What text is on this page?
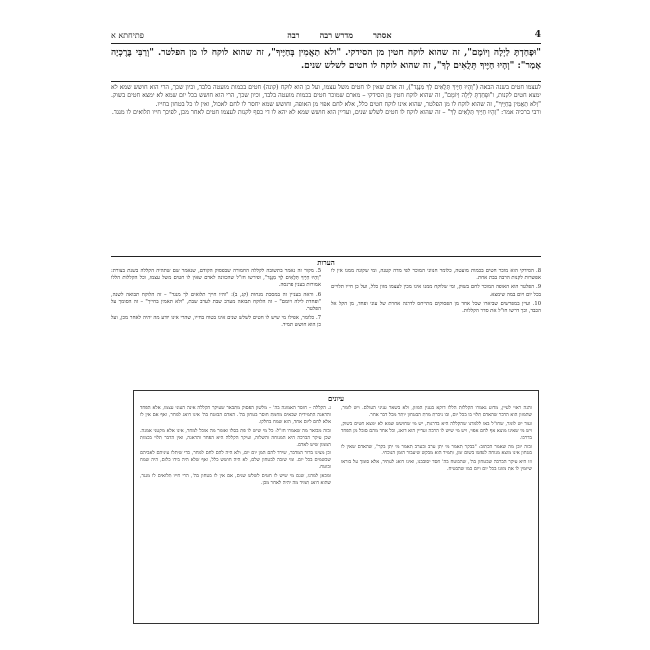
4
אסתר
מדרש רבה
רבה
פתיחתא א
"וּפָחַדְתָּ לַיְלָה וְיוֹמָם", זה שהוא לוקח חטין מן הסידקי. "ולא תַאֲמִין בְּחַיֶּיךָ", זה שהוא לוקח לו מן הפלטר. "וְרַבִּי בֶּרֶכְיָה אָמַר": "וְהָיוּ חַיֶּיךָ תְּלֻאִים לְךָ", זה שהוא לוקח לו חטים לשלש שנים.

לעצמו חטים בשנה הבאה ("וְהָיוּ חַיֶּיךָ תְּלֻאִים לְךָ מִנֶּגֶד"), זה אדם שאין לו חטים משל עצמו, ועל כן הוא לוקח (קונה) חטים בכמות מועטה בלבד, וכיון שכך, הרי הוא חושש שמא לא ימצא חטים לקנות, ו"וּפָחַדְתָּ לַיְלָה וְיוֹמָם", זה שהוא לוקח חטין מן הסידקי – מארם שמוכר חטים בכמות מועטה בלבד, וכיון שכך, הרי הוא חושש בכל יום שמא לא ימצא חטים בשוק. "וְלֹא תַאֲמִין בְּחַיֶּיךָ", זה שהוא לוקח לו מן הפלטר, שהוא אינו לוקח חטים כלל, אלא לחם אפוי מן האופה, וחושש שמא יחסר לו לחם לאכול, ואין לו כל בטחון בחייו.

ורבי ברכיה אמר: "וְהָיוּ חַיֶּיךָ תְּלֻאִים לְךָ" – זה שהוא לוקח לו חטים לשלש שנים, ועדיין הוא חושש שמא לא יהא לו די כסף לקנות לעצמו חטים לאחר מכן, לפיכך חייו תלואים לו מנגד.

הערות

5. מקור זה נאמר בתשובה לקללה החמורה שבפסוק הקודם, שנאמר שם שתהיה הקללה בשנת בצורת: "וְהָיוּ חַיֶּיךָ תְּלֻאִים לְךָ מִנֶּגֶד", ופירשו חז"ל שהכוונה לאדם שאין לו חטים משל עצמו, וכל הקללות הללו אמורות בענין פרנסה.

6. וראה בעניין זה במסכת מנחות (קג, ב): "והיו חייך תלואים לך מנגד" – זה הלוקח תבואה לשנה, "ופחדת לילה ויומם" – זה הלוקח תבואה מערב שבת לערב שבת, "ולא תאמין בחייך" – זה הסומך על הפלטר.

7. כלומר, אפילו מי שיש לו חטים לשלש שנים אינו בטוח בחייו, שהרי אינו יודע מה יהיה לאחר מכן, ועל כן הוא חושש תמיד.

8. הסידקי הוא מוכר חטים בכמות מועטה, כלומר חנווני המוכר לפי מדה קטנה, ומי שקונה ממנו אין לו אפשרות לקנות הרבה בבת אחת.

9. הפלטר הוא האופה המוכר לחם בשוק, ומי שלוקח ממנו אינו מכין לעצמו מזון כלל, ועל כן חייו תלויים בכל יום ויום במה שימצא.

10. ועיין במפרשים שביארו שכל אחד מן הפסוקים מתייחס לדרגה אחרת של עוני ופחד, מן הקל אל הכבד, וכך דרשו חז"ל את סדר הקללות.

עיונים

ג. הקללה – חוסר האמונה בה' – מלשון הפסוק מתבאר שעיקר הקללה אינה העוני עצמו, אלא הפחד והדאגה התמידית שבאים מחמת חוסר בטחון בה'. האדם הבוטח בה' אינו דואג למחר, ואף אם אין לו אלא לחם ליום אחד, הוא שמח בחלקו.

ובזה מבואר מה שאמרו חז"ל: כל מי שיש לו פת בסלו ואומר מה אוכל למחר, אינו אלא מקטני אמנה. שכן עיקר הברכה היא המנוחה והשלוה, ועיקר הקללה היא הפחד והדאגה, ואין הדבר תלוי בכמות הממון שיש לאדם.

וכן מצינו בדור המדבר, שירד להם המן יום יום, ולא היה להם לחם למחר, כדי שיתלו עיניהם לאביהם שבשמים בכל יום. ומי שזכה לבטחון שלם, לא היה חושש כלל, ואף שלא היה בידו כלום, היה שמח ובוטח.

ומכאן למדנו, שגם מי שיש לו חטים לשלש שנים, אם אין לו בטחון בה', הרי חייו תלואים לו מנגד, שהוא דואג תמיד מה יהיה לאחר מכן.

והנה ראוי לעיין, מדוע נאמרו הקללות הללו דוקא בענין המזון, ולא בשאר עניני העולם. ויש לומר, שהמזון הוא הדבר שהאדם תלוי בו בכל יום, ובו ניכרת מדת הבטחון יותר מכל דבר אחר.

ועוד יש לומר, שחז"ל באו ללמדנו שהקללה היא בדרגות, יש מי שחושש שמא לא ימצא חטים בשוק, ויש מי שאינו מוצא אף לחם אפוי, ויש מי שיש לו הרבה ועדיין הוא דואג, וכל אחד מהם סובל מן הפחד בדרכו.

ובזה יובן מה שאמר הכתוב: "בבקר תאמר מי יתן ערב ובערב תאמר מי יתן בקר", שהאדם שאין לו בטחון אינו מוצא מנוחה לנפשו בשום זמן, ותמיד הוא מבקש שיעבור הזמן הנוכחי.

וזו היא עיקר הברכה שבטחון בה', שהבוטח בה' חסד יסובבנו, ואינו דואג לעתיד, אלא סומך על בוראו שיזמין לו את מזונו בכל יום ויום כמו שהבטיח.
